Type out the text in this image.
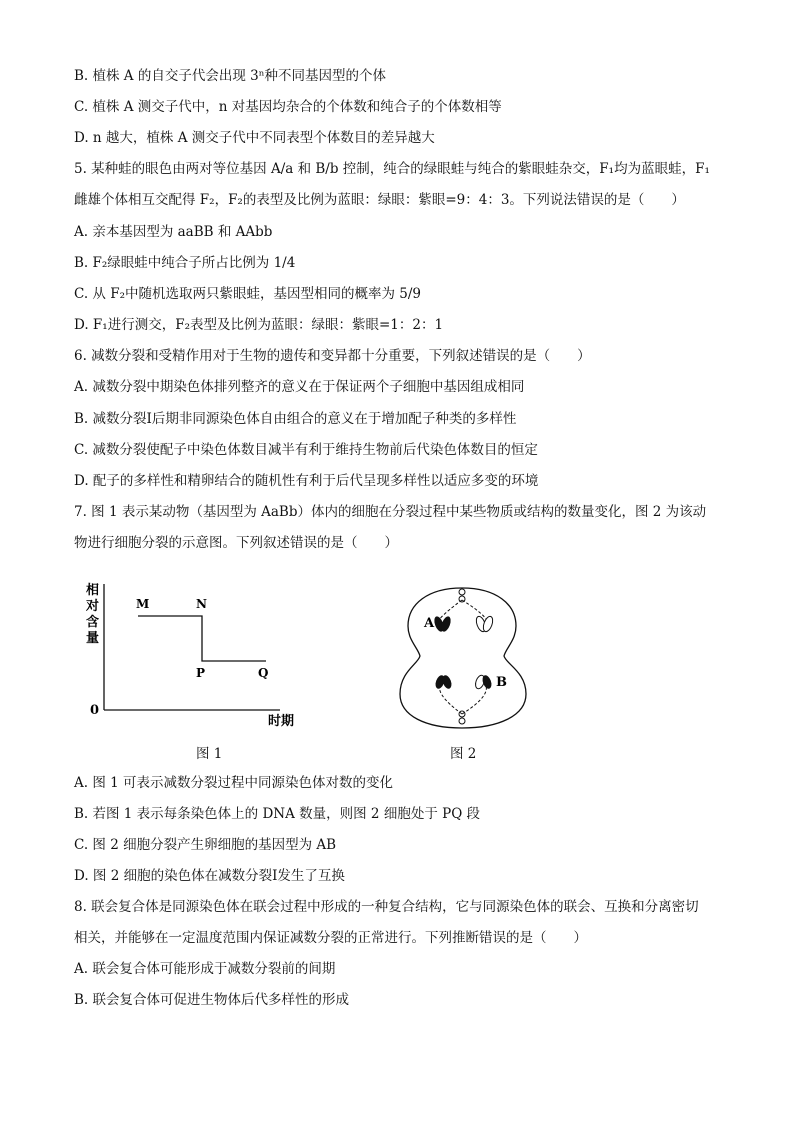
B. 植株 A 的自交子代会出现 3ⁿ种不同基因型的个体
C. 植株 A 测交子代中，n 对基因均杂合的个体数和纯合子的个体数相等
D. n 越大，植株 A 测交子代中不同表型个体数目的差异越大
5. 某种蛙的眼色由两对等位基因 A/a 和 B/b 控制，纯合的绿眼蛙与纯合的紫眼蛙杂交，F₁均为蓝眼蛙，F₁
雌雄个体相互交配得 F₂，F₂的表型及比例为蓝眼：绿眼：紫眼=9：4：3。下列说法错误的是（　　）
A. 亲本基因型为 aaBB 和 AAbb
B. F₂绿眼蛙中纯合子所占比例为 1/4
C. 从 F₂中随机选取两只紫眼蛙，基因型相同的概率为 5/9
D. F₁进行测交，F₂表型及比例为蓝眼：绿眼：紫眼=1：2：1
6. 减数分裂和受精作用对于生物的遗传和变异都十分重要，下列叙述错误的是（　　）
A. 减数分裂中期染色体排列整齐的意义在于保证两个子细胞中基因组成相同
B. 减数分裂Ⅰ后期非同源染色体自由组合的意义在于增加配子种类的多样性
C. 减数分裂使配子中染色体数目减半有利于维持生物前后代染色体数目的恒定
D. 配子的多样性和精卵结合的随机性有利于后代呈现多样性以适应多变的环境
7. 图 1 表示某动物（基因型为 AaBb）体内的细胞在分裂过程中某些物质或结构的数量变化，图 2 为该动
物进行细胞分裂的示意图。下列叙述错误的是（　　）
A. 图 1 可表示减数分裂过程中同源染色体对数的变化
B. 若图 1 表示每条染色体上的 DNA 数量，则图 2 细胞处于 PQ 段
C. 图 2 细胞分裂产生卵细胞的基因型为 AB
D. 图 2 细胞的染色体在减数分裂Ⅰ发生了互换
8. 联会复合体是同源染色体在联会过程中形成的一种复合结构，它与同源染色体的联会、互换和分离密切
相关，并能够在一定温度范围内保证减数分裂的正常进行。下列推断错误的是（　　）
A. 联会复合体可能形成于减数分裂前的间期
B. 联会复合体可促进生物体后代多样性的形成
相
对
含
量
0
时期
M	N
P	Q
图 1
A
B
图 2
